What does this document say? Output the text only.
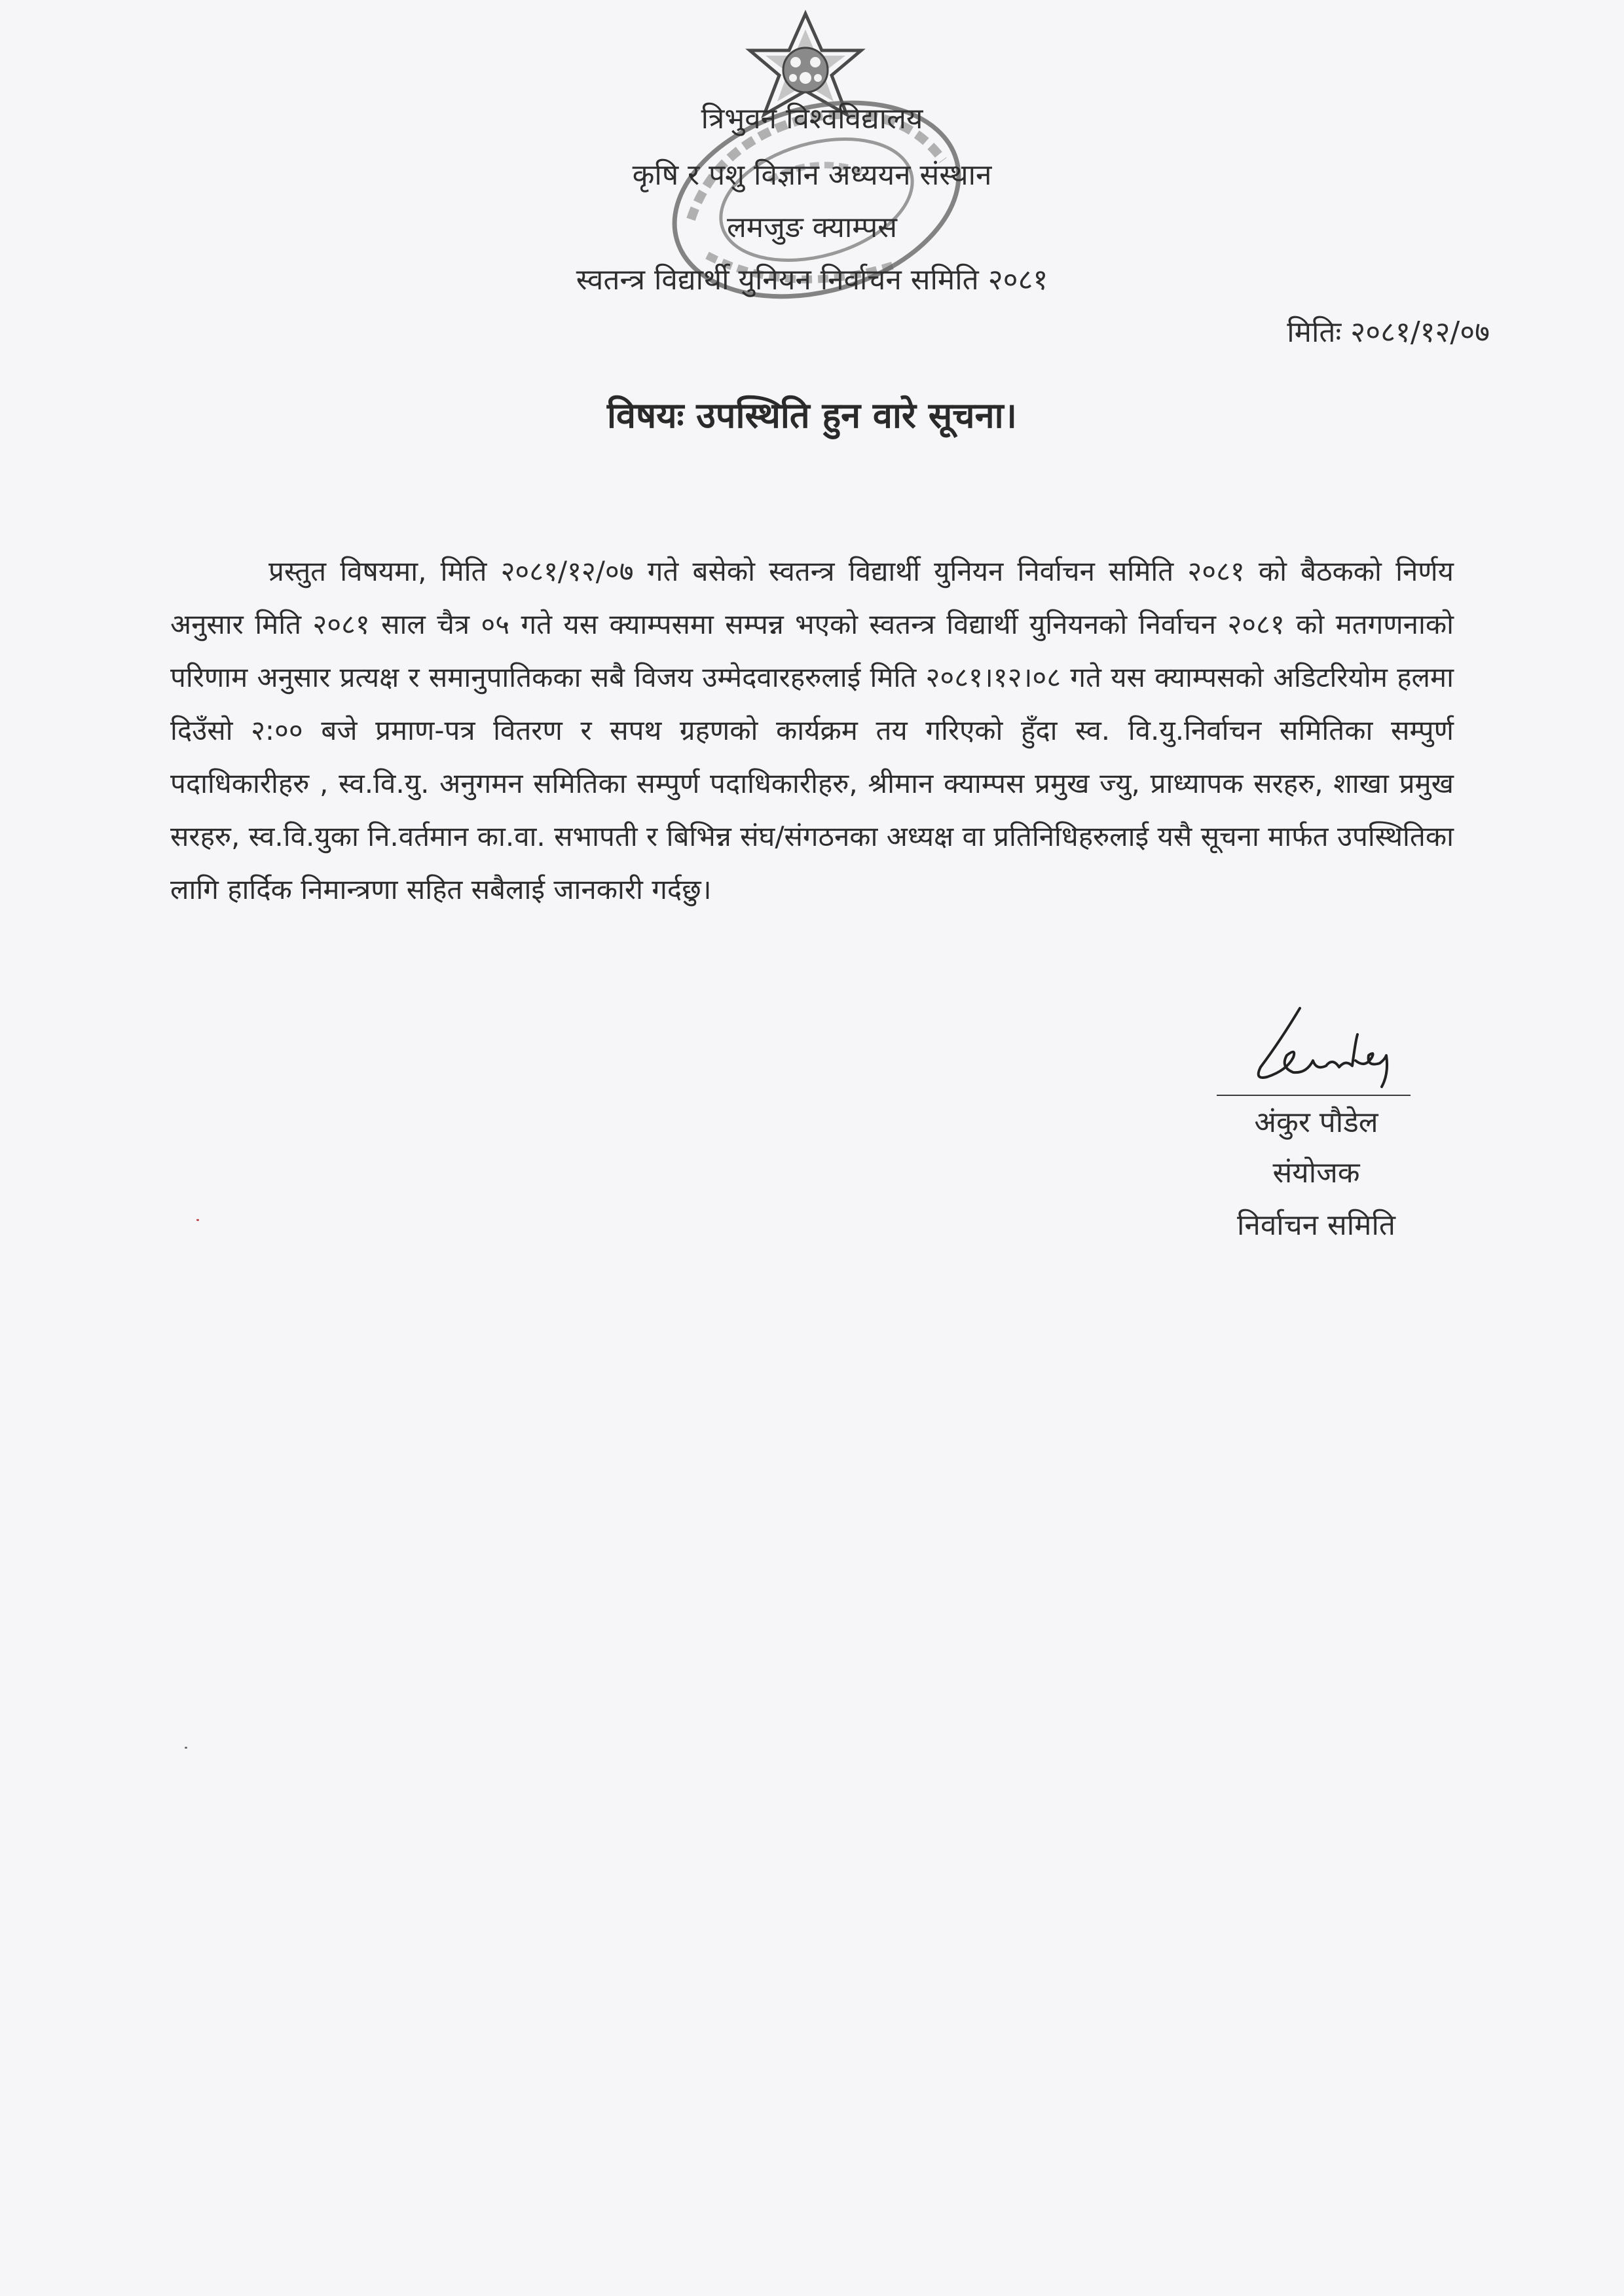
त्रिभुवन विश्वविद्यालय
कृषि र पशु विज्ञान अध्ययन संस्थान
लमजुङ क्याम्पस
स्वतन्त्र विद्यार्थी युनियन निर्वाचन समिति २०८१
मितिः २०८१/१२/०७
विषयः उपस्थिति हुन वारे सूचना।
प्रस्तुत विषयमा, मिति २०८१/१२/०७ गते बसेको स्वतन्त्र विद्यार्थी युनियन निर्वाचन समिति २०८१ को बैठकको निर्णय अनुसार मिति २०८१ साल चैत्र ०५ गते यस क्याम्पसमा सम्पन्न भएको स्वतन्त्र विद्यार्थी युनियनको निर्वाचन २०८१ को मतगणनाको परिणाम अनुसार प्रत्यक्ष र समानुपातिकका सबै विजय उम्मेदवारहरुलाई मिति २०८१।१२।०८ गते यस क्याम्पसको अडिटरियोम हलमा दिउँसो २:०० बजे प्रमाण-पत्र वितरण र सपथ ग्रहणको कार्यक्रम तय गरिएको हुँदा स्व. वि.यु.निर्वाचन समितिका सम्पुर्ण पदाधिकारीहरु , स्व.वि.यु. अनुगमन समितिका सम्पुर्ण पदाधिकारीहरु, श्रीमान क्याम्पस प्रमुख ज्यु, प्राध्यापक सरहरु, शाखा प्रमुख सरहरु, स्व.वि.युका नि.वर्तमान का.वा. सभापती र बिभिन्न संघ/संगठनका अध्यक्ष वा प्रतिनिधिहरुलाई यसै सूचना मार्फत उपस्थितिका लागि हार्दिक निमान्त्रणा सहित सबैलाई जानकारी गर्दछु।
अंकुर पौडेल
संयोजक
निर्वाचन समिति
